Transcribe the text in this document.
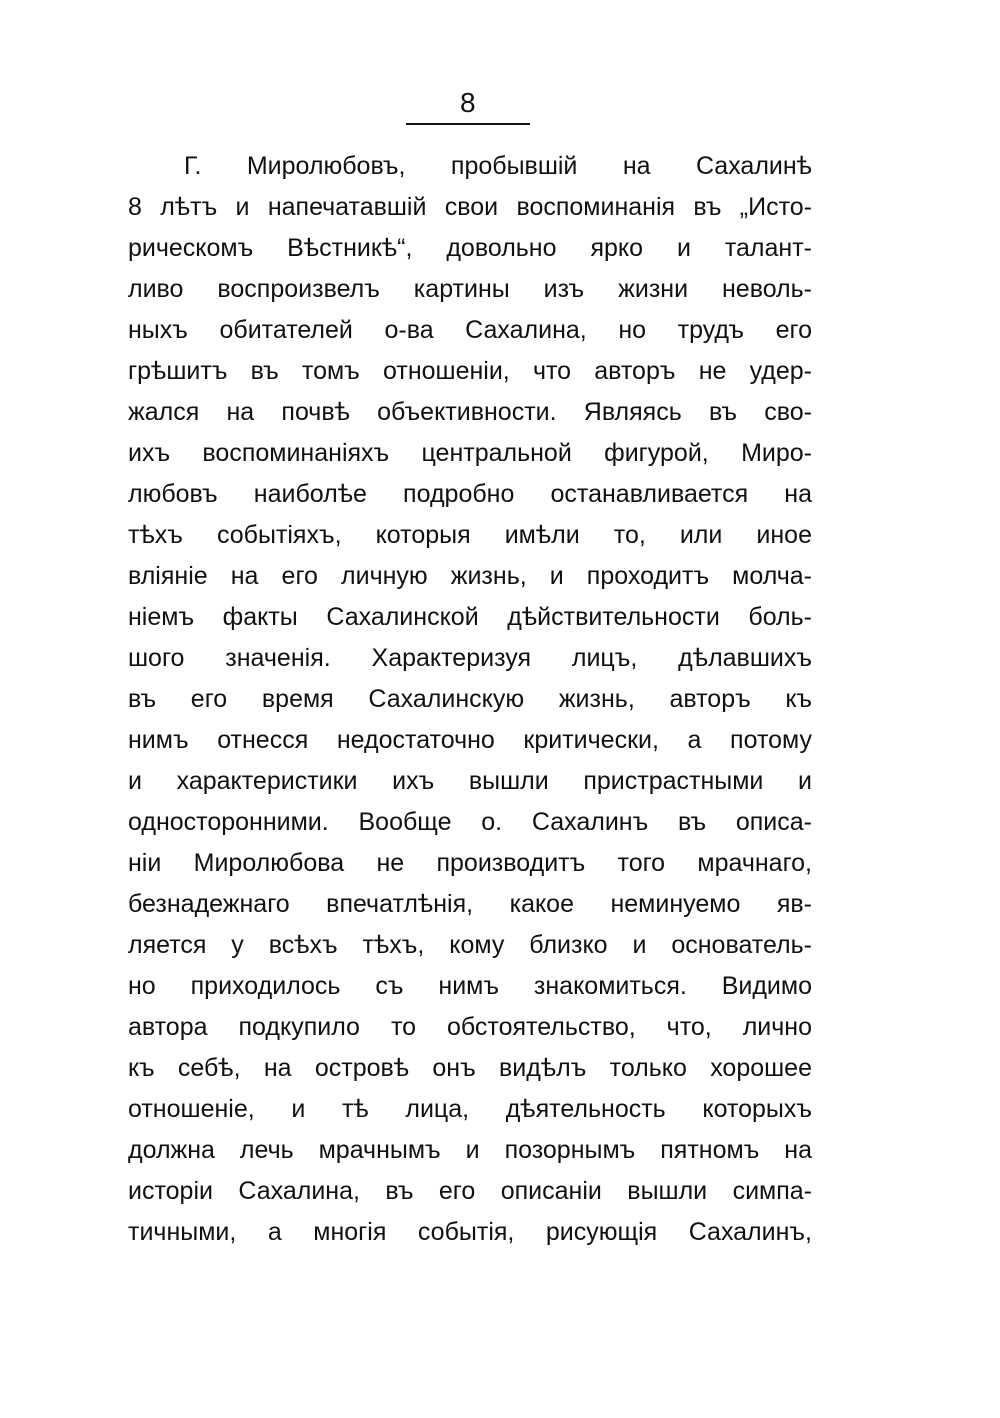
8
Г. Миролюбовъ, пробывшій на Сахалинѣ
8 лѣтъ и напечатавшій свои воспоминанія въ „Исто-
рическомъ Вѣстникѣ“, довольно ярко и талант-
ливо воспроизвелъ картины изъ жизни неволь-
ныхъ обитателей о-ва Сахалина, но трудъ его
грѣшитъ въ томъ отношеніи, что авторъ не удер-
жался на почвѣ объективности. Являясь въ сво-
ихъ воспоминаніяхъ центральной фигурой, Миро-
любовъ наиболѣе подробно останавливается на
тѣхъ событіяхъ, которыя имѣли то, или иное
вліяніе на его личную жизнь, и проходитъ молча-
ніемъ факты Сахалинской дѣйствительности боль-
шого значенія. Характеризуя лицъ, дѣлавшихъ
въ его время Сахалинскую жизнь, авторъ къ
нимъ отнесся недостаточно критически, а потому
и характеристики ихъ вышли пристрастными и
односторонними. Вообще о. Сахалинъ въ описа-
ніи Миролюбова не производитъ того мрачнаго,
безнадежнаго впечатлѣнія, какое неминуемо яв-
ляется у всѣхъ тѣхъ, кому близко и основатель-
но приходилось съ нимъ знакомиться. Видимо
автора подкупило то обстоятельство, что, лично
къ себѣ, на островѣ онъ видѣлъ только хорошее
отношеніе, и тѣ лица, дѣятельность которыхъ
должна лечь мрачнымъ и позорнымъ пятномъ на
исторіи Сахалина, въ его описаніи вышли симпа-
тичными, а многія событія, рисующія Сахалинъ,
